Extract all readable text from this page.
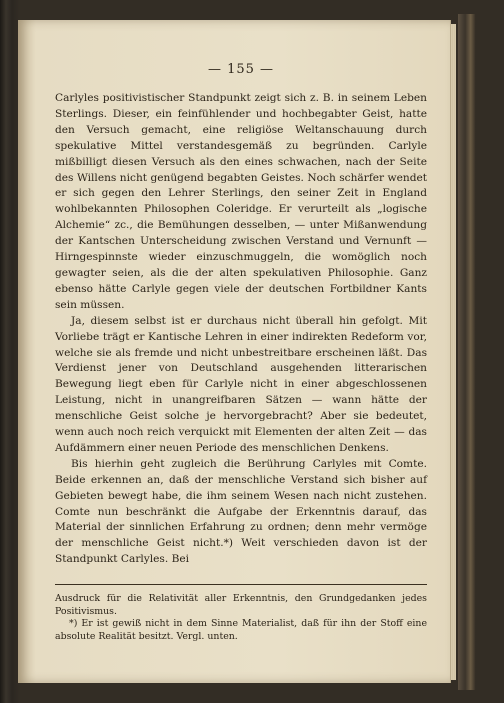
— 155 —

Carlyles positivistischer Standpunkt zeigt sich z. B. in seinem Leben Sterlings. Dieser, ein feinfühlender und hochbegabter Geist, hatte den Versuch gemacht, eine religiöse Weltanschauung durch spekulative Mittel verstandesgemäß zu begründen. Carlyle mißbilligt diesen Versuch als den eines schwachen, nach der Seite des Willens nicht genügend begabten Geistes. Noch schärfer wendet er sich gegen den Lehrer Sterlings, den seiner Zeit in England wohlbekannten Philosophen Coleridge. Er verurteilt als „logische Alchemie“ zc., die Bemühungen desselben, — unter Mißanwendung der Kantschen Unterscheidung zwischen Verstand und Vernunft — Hirngespinnste wieder einzuschmuggeln, die womöglich noch gewagter seien, als die der alten spekulativen Philosophie. Ganz ebenso hätte Carlyle gegen viele der deutschen Fortbildner Kants sein müssen.

Ja, diesem selbst ist er durchaus nicht überall hin gefolgt. Mit Vorliebe trägt er Kantische Lehren in einer indirekten Redeform vor, welche sie als fremde und nicht unbestreitbare erscheinen läßt. Das Verdienst jener von Deutschland ausgehenden litterarischen Bewegung liegt eben für Carlyle nicht in einer abgeschlossenen Leistung, nicht in unangreifbaren Sätzen — wann hätte der menschliche Geist solche je hervorgebracht? Aber sie bedeutet, wenn auch noch reich verquickt mit Elementen der alten Zeit — das Aufdämmern einer neuen Periode des menschlichen Denkens.

Bis hierhin geht zugleich die Berührung Carlyles mit Comte. Beide erkennen an, daß der menschliche Verstand sich bisher auf Gebieten bewegt habe, die ihm seinem Wesen nach nicht zustehen. Comte nun beschränkt die Aufgabe der Erkenntnis darauf, das Material der sinnlichen Erfahrung zu ordnen; denn mehr vermöge der menschliche Geist nicht.*) Weit verschieden davon ist der Standpunkt Carlyles. Bei

Ausdruck für die Relativität aller Erkenntnis, den Grundgedanken jedes Positivismus.

*) Er ist gewiß nicht in dem Sinne Materialist, daß für ihn der Stoff eine absolute Realität besitzt. Vergl. unten.
